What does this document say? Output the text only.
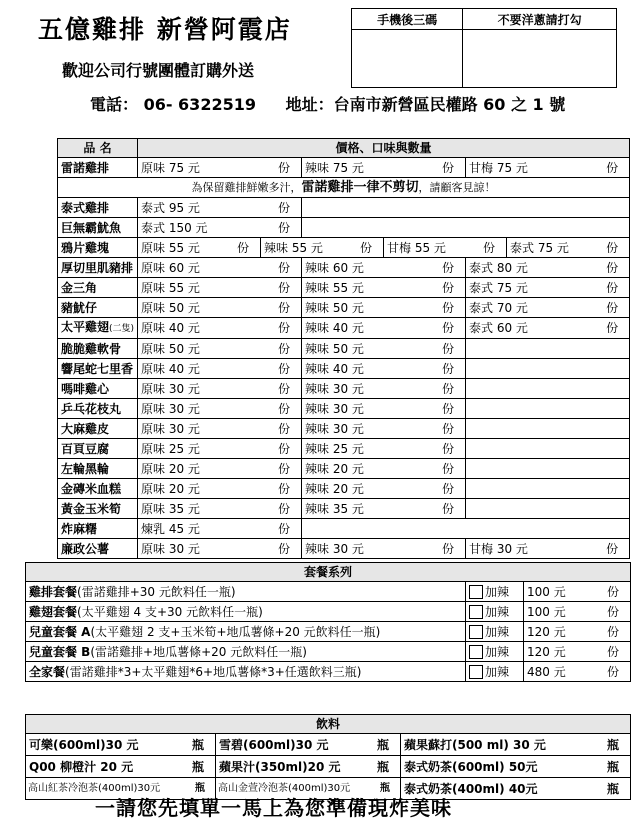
五億雞排 新營阿霞店	手機後三碼	不要洋蔥請打勾

歡迎公司行號團體訂購外送
電話： 06- 6322519 地址：台南市新營區民權路 60 之 1 號
品 名	價格、口味與數量					
雷諾雞排	原味 75 元 份		辣味 75 元 份		甘梅 75 元 份	

為保留雞排鮮嫩多汁，雷諾雞排一律不剪切，請顧客見諒！						
泰式雞排	泰式 95 元 份					

巨無霸魷魚	泰式 150 元 份					

鴉片雞塊	原味 55 元 份	辣味 55 元 份		甘梅 55 元 份		泰式 75 元 份

厚切里肌豬排	原味 60 元 份		辣味 60 元 份		泰式 80 元 份	

金三角	原味 55 元 份		辣味 55 元 份		泰式 75 元 份	

豬魷仔	原味 50 元 份		辣味 50 元 份		泰式 70 元 份	

太平雞翅(二隻)	原味 40 元 份		辣味 40 元 份		泰式 60 元 份	

脆脆雞軟骨	原味 50 元 份		辣味 50 元 份			

響尾蛇七里香	原味 40 元 份		辣味 40 元 份			

嗎啡雞心	原味 30 元 份		辣味 30 元 份			

乒乓花枝丸	原味 30 元 份		辣味 30 元 份			

大麻雞皮	原味 30 元 份		辣味 30 元 份			

百頁豆腐	原味 25 元 份		辣味 25 元 份			

左輪黑輪	原味 20 元 份		辣味 20 元 份			

金磚米血糕	原味 20 元 份		辣味 20 元 份			

黃金玉米筍	原味 35 元 份		辣味 35 元 份			

炸麻糬	煉乳 45 元 份					

廉政公薯	原味 30 元 份		辣味 30 元 份		甘梅 30 元 份	
套餐系列		
雞排套餐(雷諾雞排+30 元飲料任一瓶)	加辣	100 元 份

雞翅套餐(太平雞翅 4 支+30 元飲料任一瓶)	加辣	100 元 份

兒童套餐 A(太平雞翅 2 支+玉米筍+地瓜薯條+20 元飲料任一瓶)	加辣	120 元 份

兒童套餐 B(雷諾雞排+地瓜薯條+20 元飲料任一瓶)	加辣	120 元 份

全家餐(雷諾雞排*3+太平雞翅*6+地瓜薯條*3+任選飲料三瓶)	加辣	480 元 份
飲料		
可樂(600ml)30 元 瓶	雪碧(600ml)30 元 瓶	蘋果蘇打(500 ml) 30 元 瓶

Q00 柳橙汁 20 元 瓶	蘋果汁(350ml)20 元 瓶	泰式奶茶(600ml) 50元 瓶

高山紅茶冷泡茶(400ml)30元 瓶	高山金萱冷泡茶(400ml)30元 瓶	泰式奶茶(400ml) 40元 瓶
一請您先填單一馬上為您準備現炸美味
